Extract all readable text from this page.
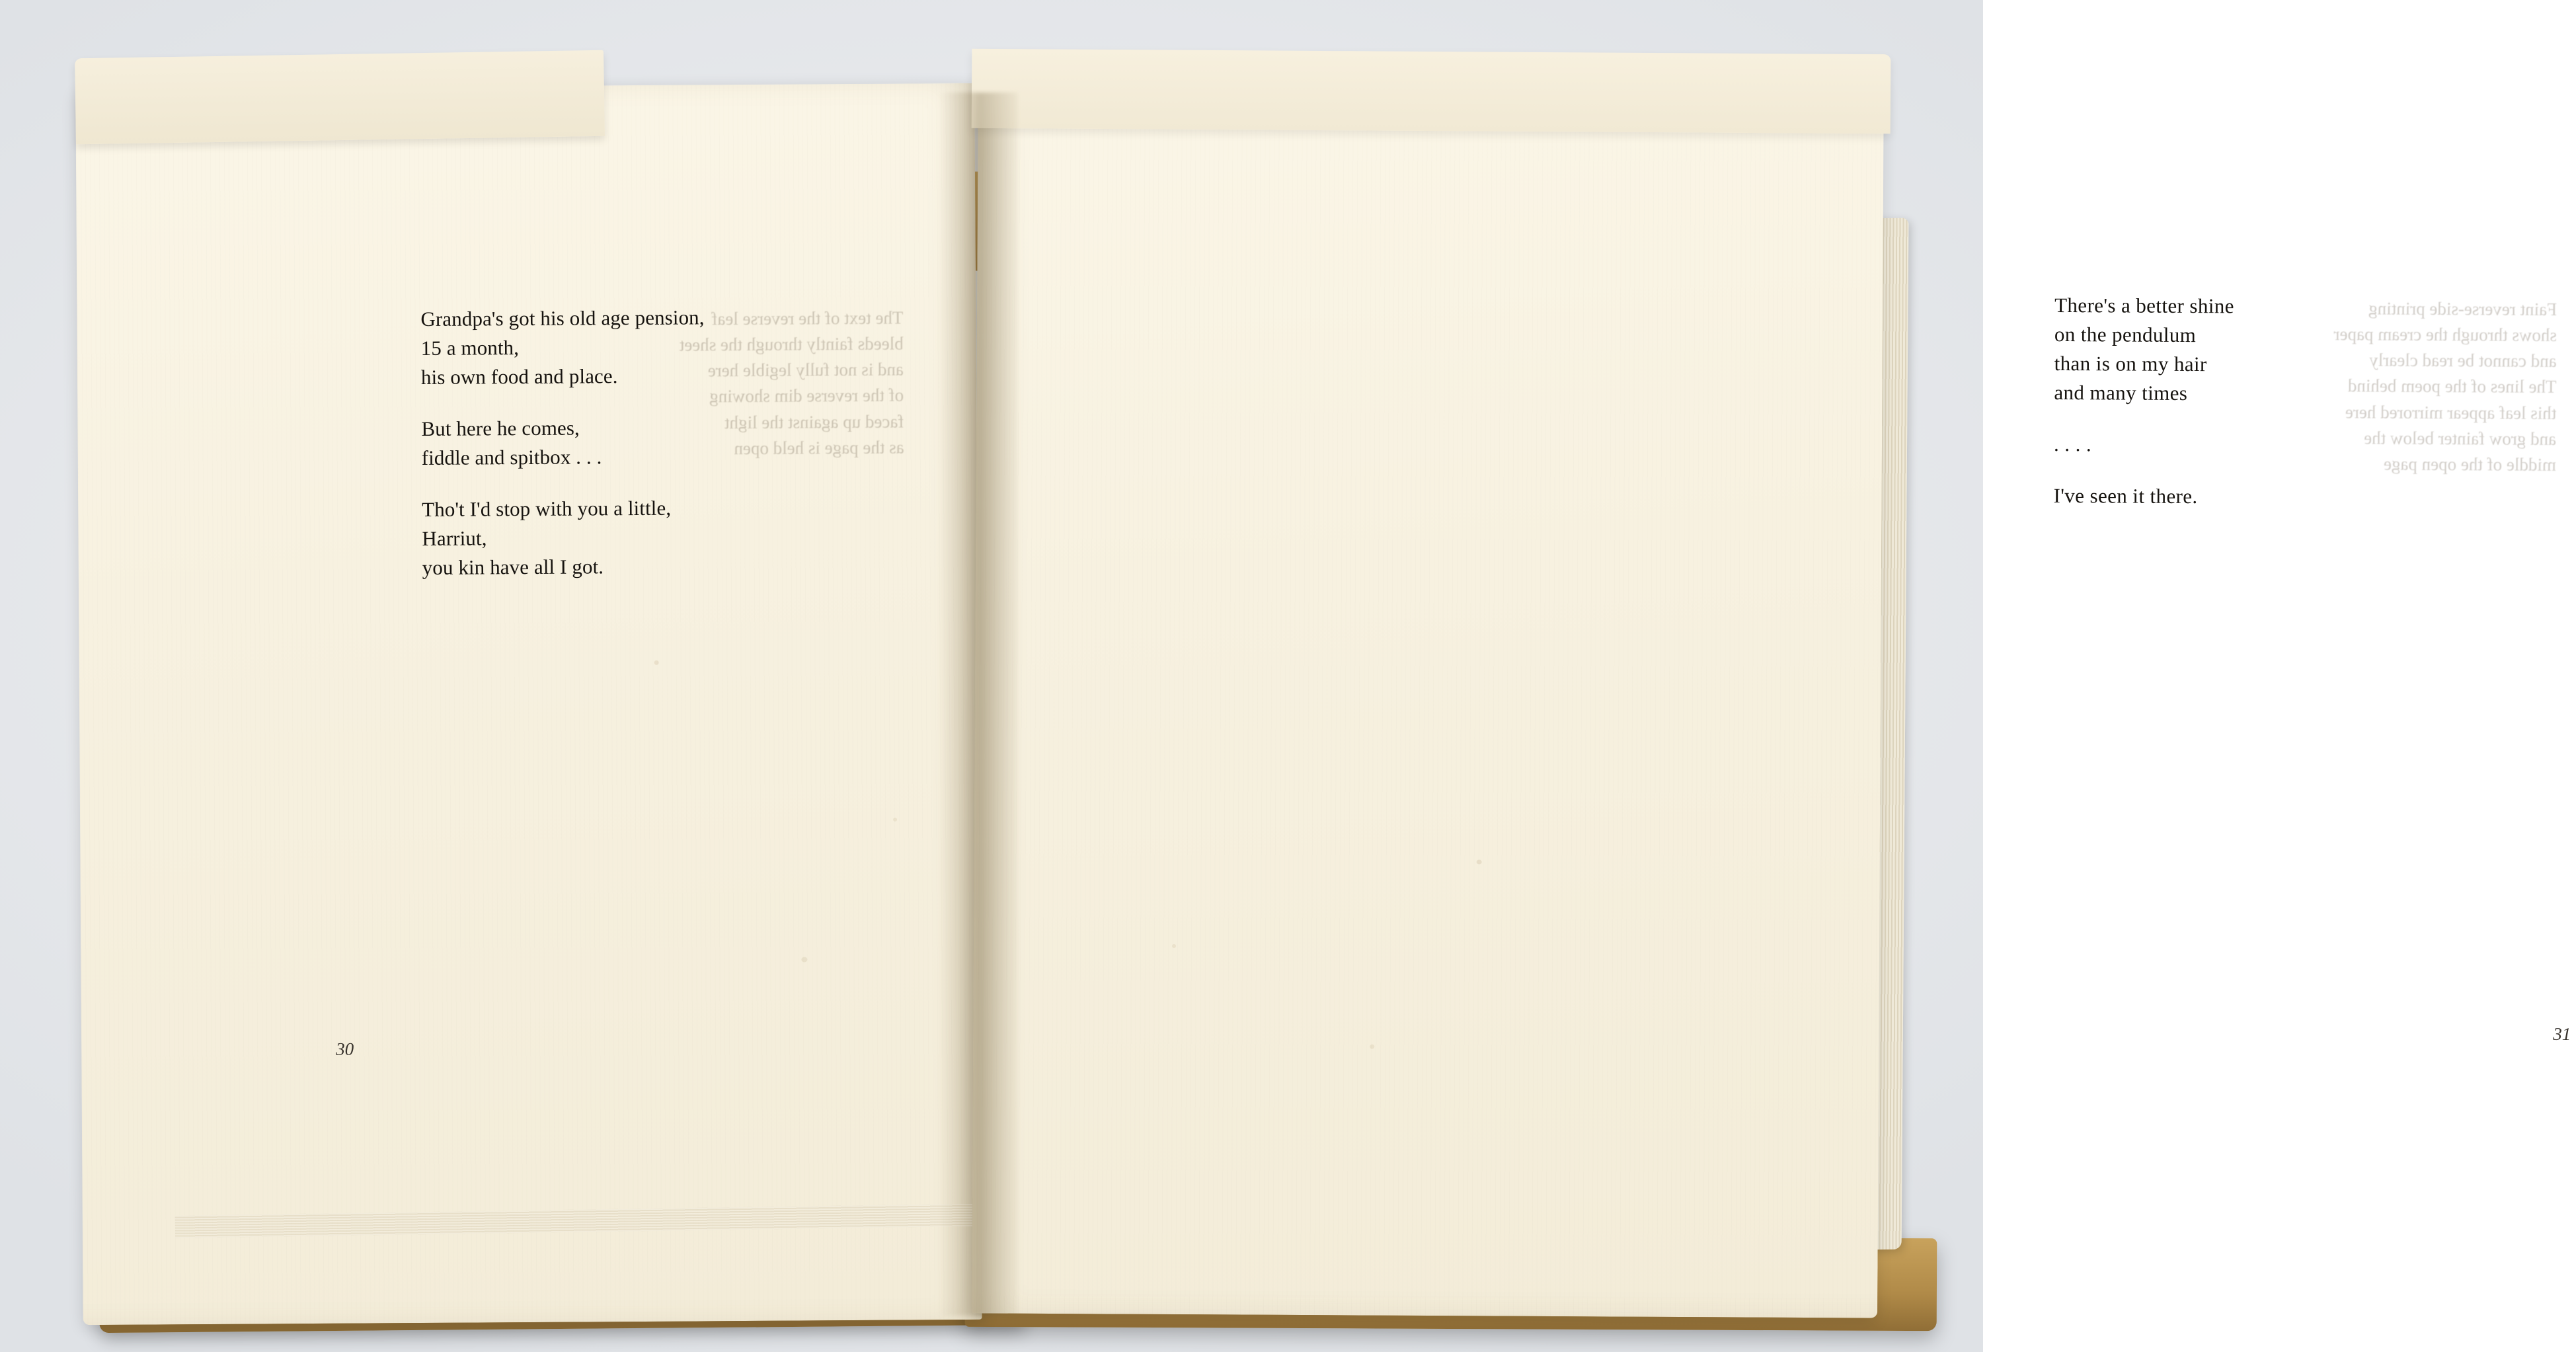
The text of the reverse leaf
bleeds faintly through the sheet
and is not fully legible here
of the reverse dim showing
faced up against the light
as the page is held open

Grandpa's got his old age pension,
15 a month,
his own food and place.

But here he comes,
fiddle and spitbox . . .

Tho't I'd stop with you a little,
Harriut,
you kin have all I got.

30
Faint reverse-side printing
shows through the cream paper
and cannot be read clearly
The lines of the poem behind
this leaf appear mirrored here
and grow fainter below the
middle of the open page

There's a better shine
on the pendulum
than is on my hair
and many times

. . . .

I've seen it there.

31
